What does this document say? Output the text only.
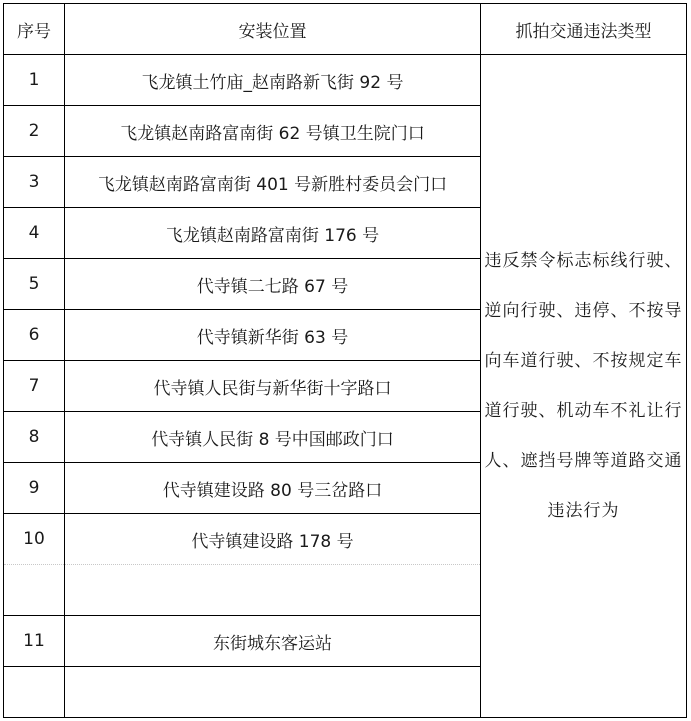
序号	安装位置	抓拍交通违法类型
1	飞龙镇土竹庙_赵南路新飞街 92 号	违反禁令标志标线行驶、逆向行驶、违停、不按导向车道行驶、不按规定车道行驶、机动车不礼让行人、遮挡号牌等道路交通违法行为

2	飞龙镇赵南路富南街 62 号镇卫生院门口	
3	飞龙镇赵南路富南街 401 号新胜村委员会门口	
4	飞龙镇赵南路富南街 176 号	
5	代寺镇二七路 67 号	
6	代寺镇新华街 63 号	
7	代寺镇人民街与新华街十字路口	
8	代寺镇人民街 8 号中国邮政门口	
9	代寺镇建设路 80 号三岔路口	
10	代寺镇建设路 178 号	

11	东街城东客运站	
